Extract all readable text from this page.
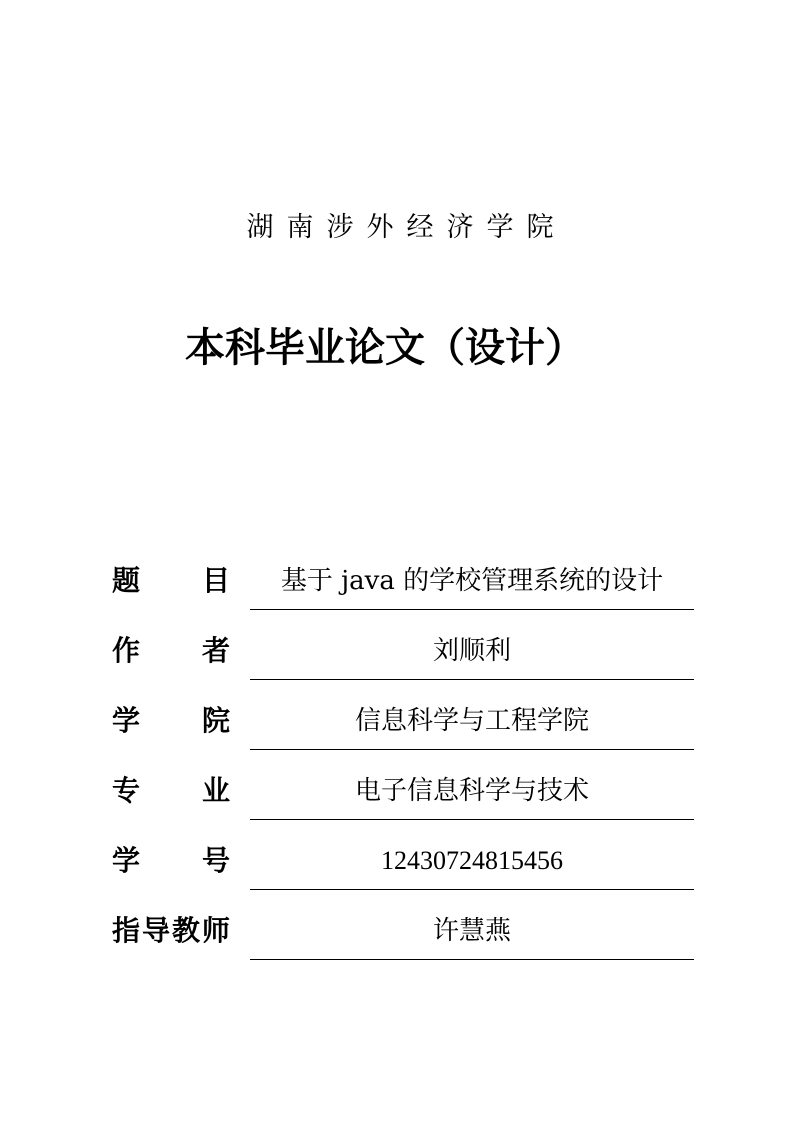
湖南涉外经济学院
本科毕业论文（设计）
题 目	基于 java 的学校管理系统的设计
作 者	刘顺利
学 院	信息科学与工程学院
专 业	电子信息科学与技术
学 号	12430724815456
指 导 教 师	许慧燕
